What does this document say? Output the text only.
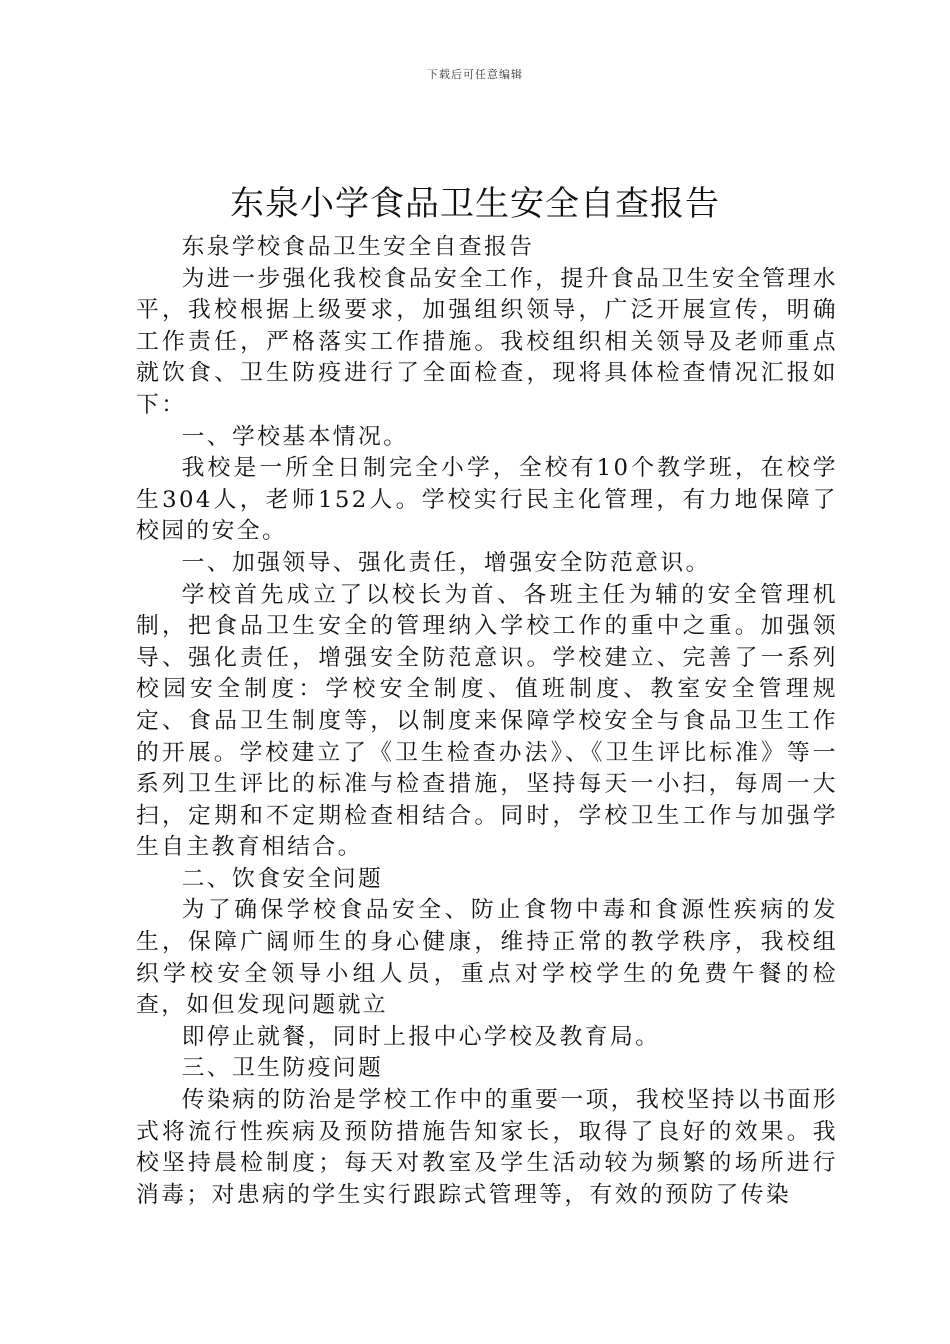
下载后可任意编辑
东泉小学食品卫生安全自查报告

东泉学校食品卫生安全自查报告

为进一步强化我校食品安全工作，提升食品卫生安全管理水平，我校根据上级要求，加强组织领导，广泛开展宣传，明确工作责任，严格落实工作措施。我校组织相关领导及老师重点就饮食、卫生防疫进行了全面检查，现将具体检查情况汇报如下：

一、学校基本情况。

我校是一所全日制完全小学，全校有10个教学班，在校学生304人，老师152人。学校实行民主化管理，有力地保障了校园的安全。

一、加强领导、强化责任，增强安全防范意识。

学校首先成立了以校长为首、各班主任为辅的安全管理机制，把食品卫生安全的管理纳入学校工作的重中之重。加强领导、强化责任，增强安全防范意识。学校建立、完善了一系列校园安全制度：学校安全制度、值班制度、教室安全管理规定、食品卫生制度等，以制度来保障学校安全与食品卫生工作的开展。学校建立了《卫生检查办法》、《卫生评比标准》等一系列卫生评比的标准与检查措施，坚持每天一小扫，每周一大扫，定期和不定期检查相结合。同时，学校卫生工作与加强学生自主教育相结合。

二、饮食安全问题

为了确保学校食品安全、防止食物中毒和食源性疾病的发生，保障广阔师生的身心健康，维持正常的教学秩序，我校组织学校安全领导小组人员，重点对学校学生的免费午餐的检查，如但发现问题就立

即停止就餐，同时上报中心学校及教育局。

三、卫生防疫问题

传染病的防治是学校工作中的重要一项，我校坚持以书面形式将流行性疾病及预防措施告知家长，取得了良好的效果。我校坚持晨检制度；每天对教室及学生活动较为频繁的场所进行消毒；对患病的学生实行跟踪式管理等，有效的预防了传染
